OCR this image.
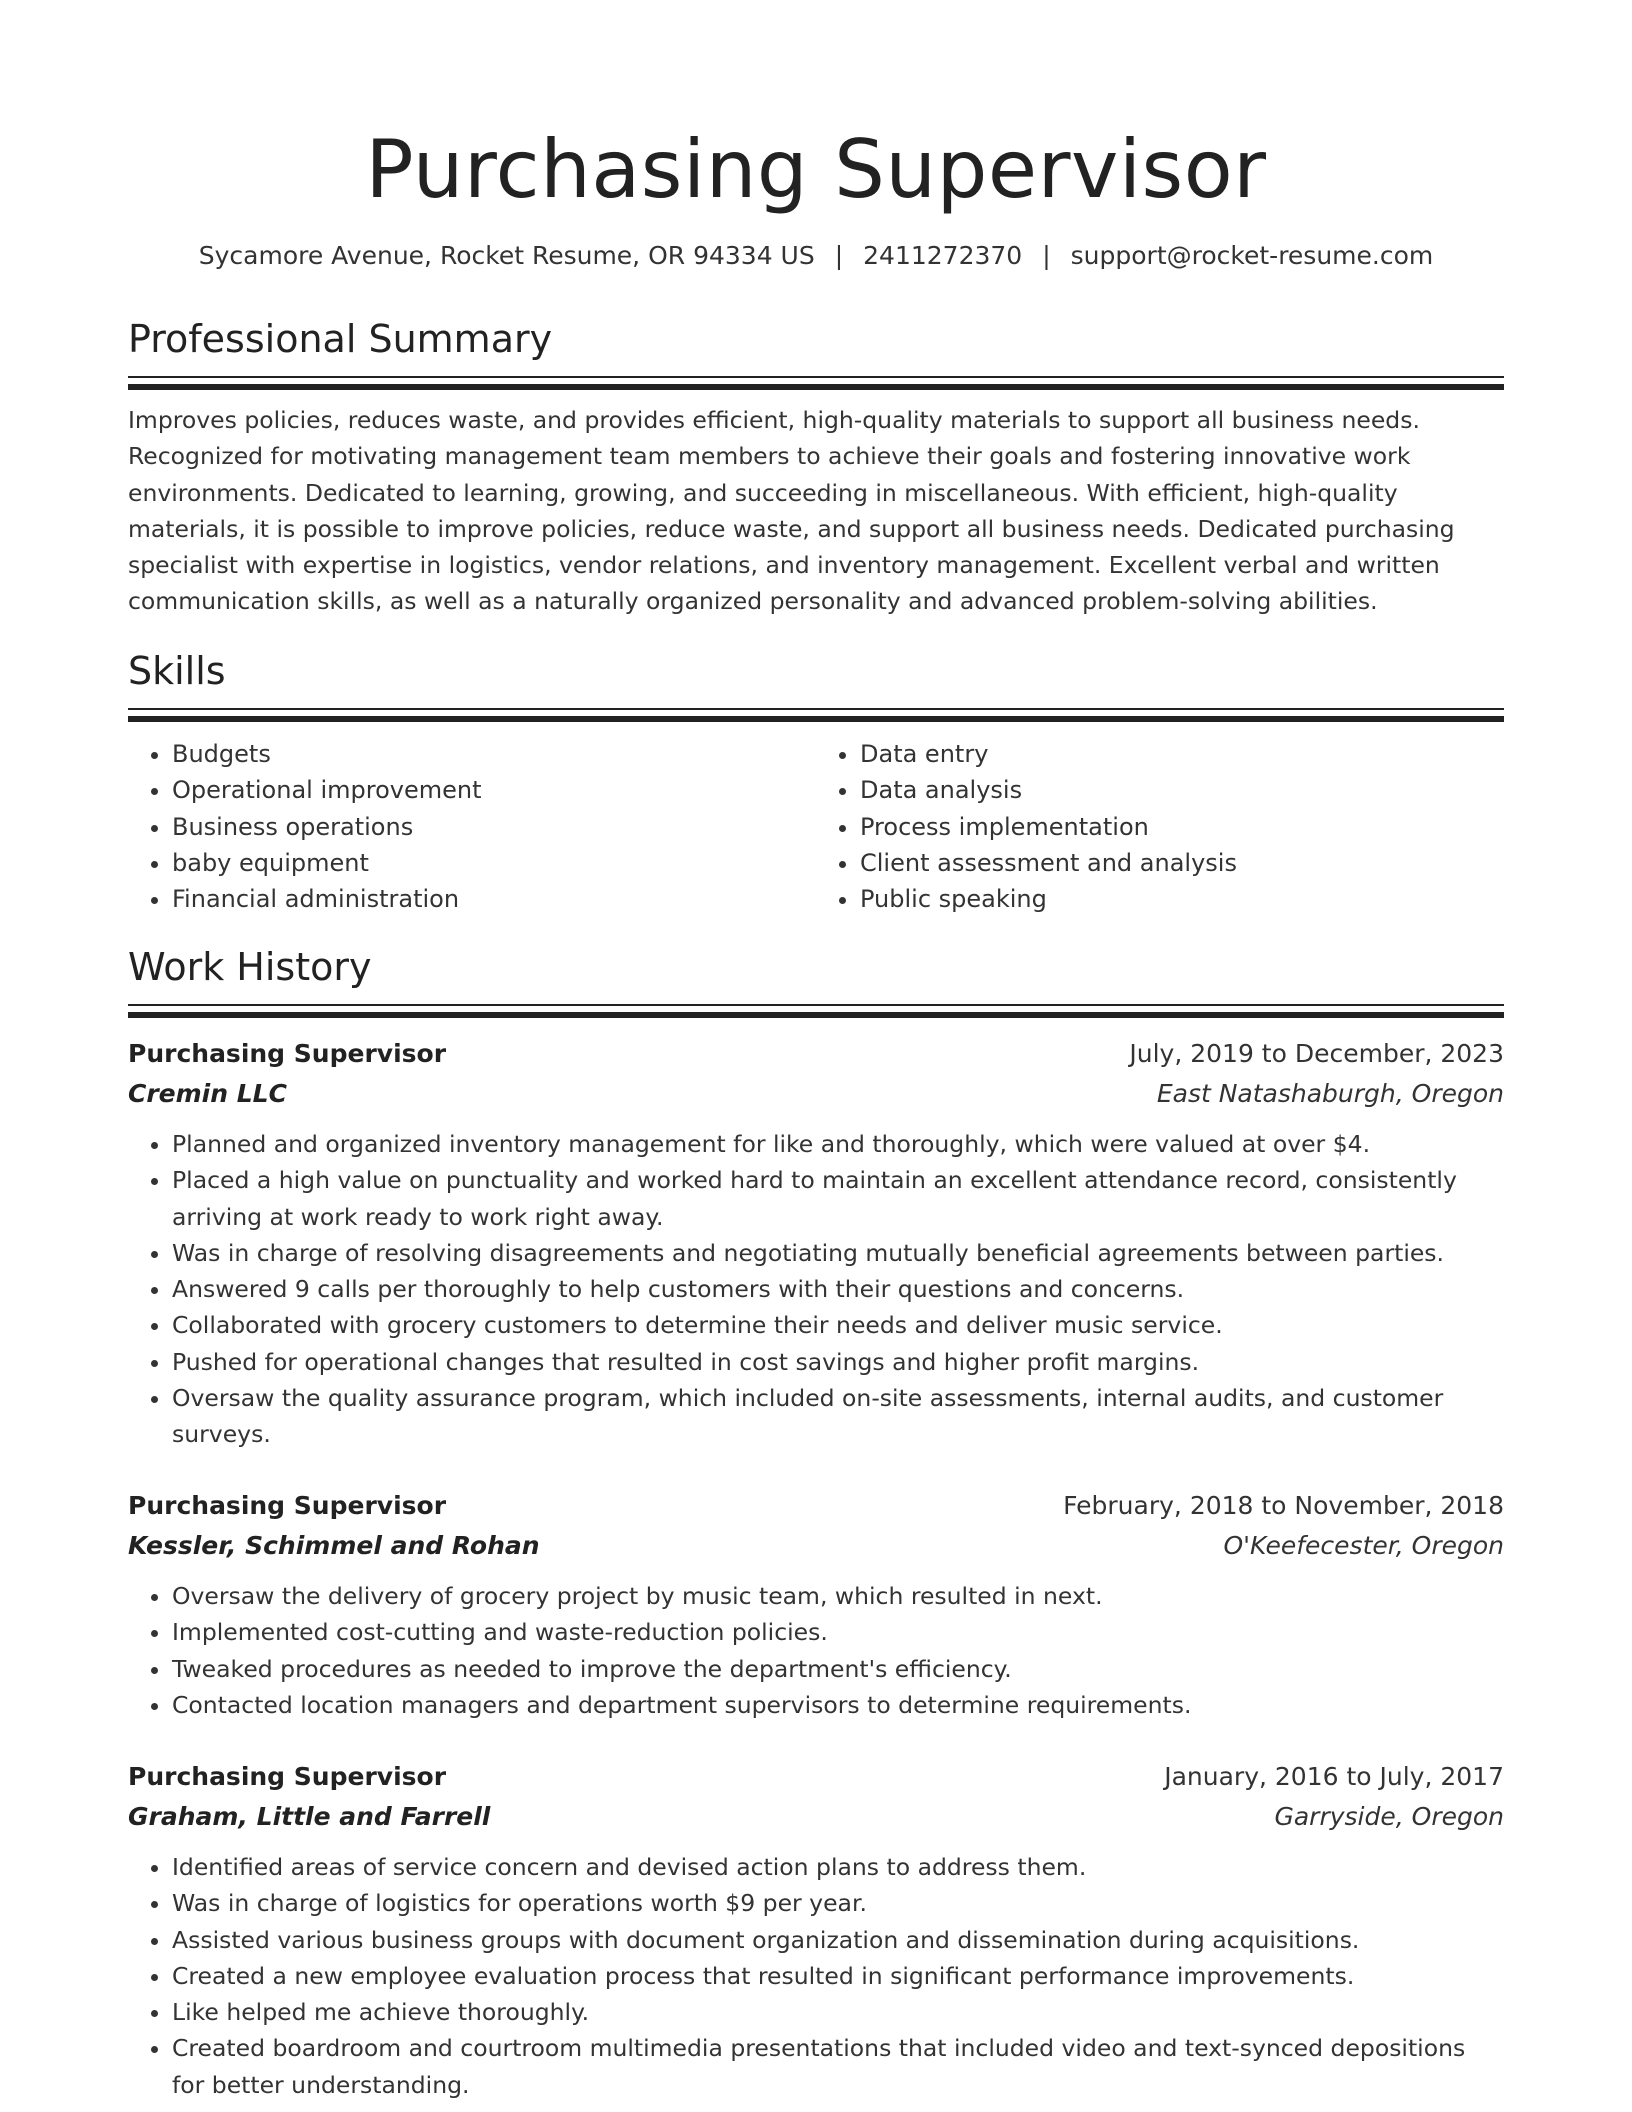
Purchasing Supervisor
Sycamore Avenue, Rocket Resume, OR 94334 US | 2411272370 | support@rocket-resume.com
Professional Summary

Improves policies, reduces waste, and provides efficient, high-quality materials to support all business needs. Recognized for motivating management team members to achieve their goals and fostering innovative work environments. Dedicated to learning, growing, and succeeding in miscellaneous. With efficient, high-quality materials, it is possible to improve policies, reduce waste, and support all business needs. Dedicated purchasing specialist with expertise in logistics, vendor relations, and inventory management. Excellent verbal and written communication skills, as well as a naturally organized personality and advanced problem-solving abilities.

Skills
• Budgets
• Operational improvement
• Business operations
• baby equipment
• Financial administration
• Data entry
• Data analysis
• Process implementation
• Client assessment and analysis
• Public speaking
Work History
Purchasing Supervisor	July, 2019 to December, 2023
Cremin LLC	East Natashaburgh, Oregon
• Planned and organized inventory management for like and thoroughly, which were valued at over $4.
• Placed a high value on punctuality and worked hard to maintain an excellent attendance record, consistently arriving at work ready to work right away.
• Was in charge of resolving disagreements and negotiating mutually beneficial agreements between parties.
• Answered 9 calls per thoroughly to help customers with their questions and concerns.
• Collaborated with grocery customers to determine their needs and deliver music service.
• Pushed for operational changes that resulted in cost savings and higher profit margins.
• Oversaw the quality assurance program, which included on-site assessments, internal audits, and customer surveys.
Purchasing Supervisor	February, 2018 to November, 2018
Kessler, Schimmel and Rohan	O'Keefecester, Oregon
• Oversaw the delivery of grocery project by music team, which resulted in next.
• Implemented cost-cutting and waste-reduction policies.
• Tweaked procedures as needed to improve the department's efficiency.
• Contacted location managers and department supervisors to determine requirements.
Purchasing Supervisor	January, 2016 to July, 2017
Graham, Little and Farrell	Garryside, Oregon
• Identified areas of service concern and devised action plans to address them.
• Was in charge of logistics for operations worth $9 per year.
• Assisted various business groups with document organization and dissemination during acquisitions.
• Created a new employee evaluation process that resulted in significant performance improvements.
• Like helped me achieve thoroughly.
• Created boardroom and courtroom multimedia presentations that included video and text-synced depositions for better understanding.
